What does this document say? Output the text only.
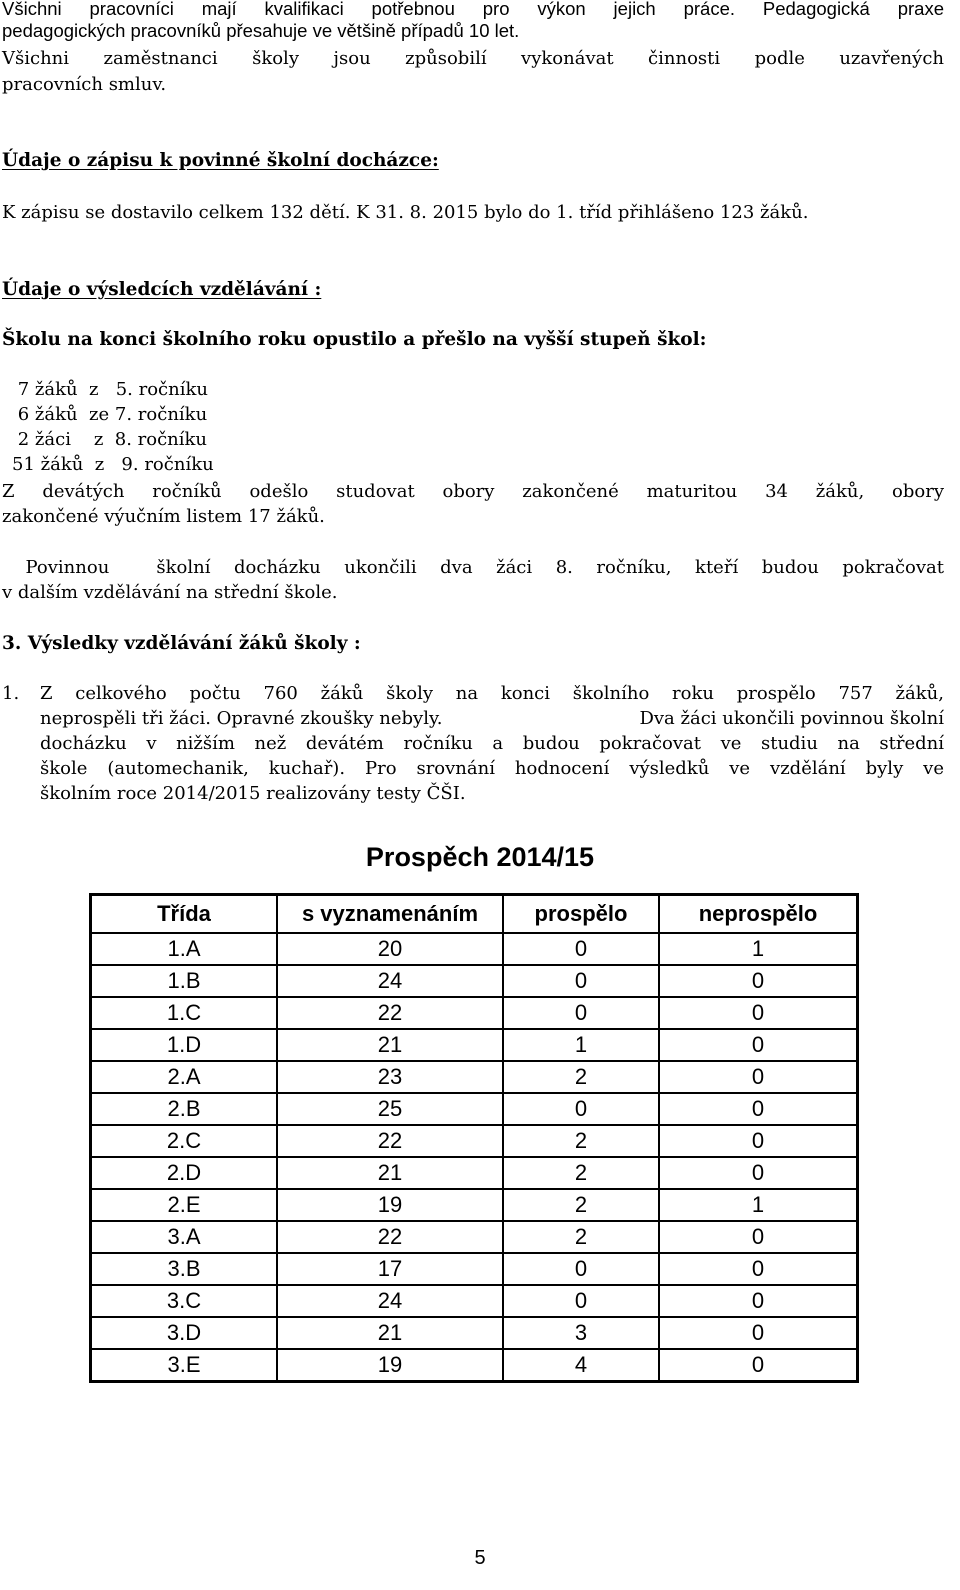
Všichni pracovníci mají kvalifikaci potřebnou pro výkon jejich práce. Pedagogická praxe
pedagogických pracovníků přesahuje ve většině případů 10 let.
Všichni zaměstnanci školy jsou způsobilí vykonávat činnosti podle uzavřených
pracovních smluv.
Údaje o zápisu k povinné školní docházce:
K zápisu se dostavilo celkem 132 dětí. K 31. 8. 2015 bylo do 1. tříd přihlášeno 123 žáků.
Údaje o výsledcích vzdělávání :
Školu na konci školního roku opustilo a přešlo na vyšší stupeň škol:
7 žáků  z   5. ročníku
6 žáků  ze 7. ročníku
2 žáci    z  8. ročníku
51 žáků  z   9. ročníku
Z devátých ročníků odešlo studovat obory zakončené maturitou 34 žáků, obory
zakončené výučním listem 17 žáků.
Povinnou  školní docházku ukončili dva žáci 8. ročníku, kteří budou pokračovat
v dalším vzdělávání na střední škole.
3. Výsledky vzdělávání žáků školy :
1. Z celkového počtu 760 žáků školy na konci školního roku prospělo 757 žáků,
neprospěli tři žáci. Opravné zkoušky nebyly.	Dva žáci ukončili povinnou školní
docházku v nižším než devátém ročníku a budou pokračovat ve studiu na střední
škole (automechanik, kuchař). Pro srovnání hodnocení výsledků ve vzdělání byly ve
školním roce 2014/2015 realizovány testy ČŠI.
Prospěch 2014/15
Třída	s vyznamenáním	prospělo	neprospělo
1.A	20	0	1
1.B	24	0	0
1.C	22	0	0
1.D	21	1	0
2.A	23	2	0
2.B	25	0	0
2.C	22	2	0
2.D	21	2	0
2.E	19	2	1
3.A	22	2	0
3.B	17	0	0
3.C	24	0	0
3.D	21	3	0
3.E	19	4	0
5
